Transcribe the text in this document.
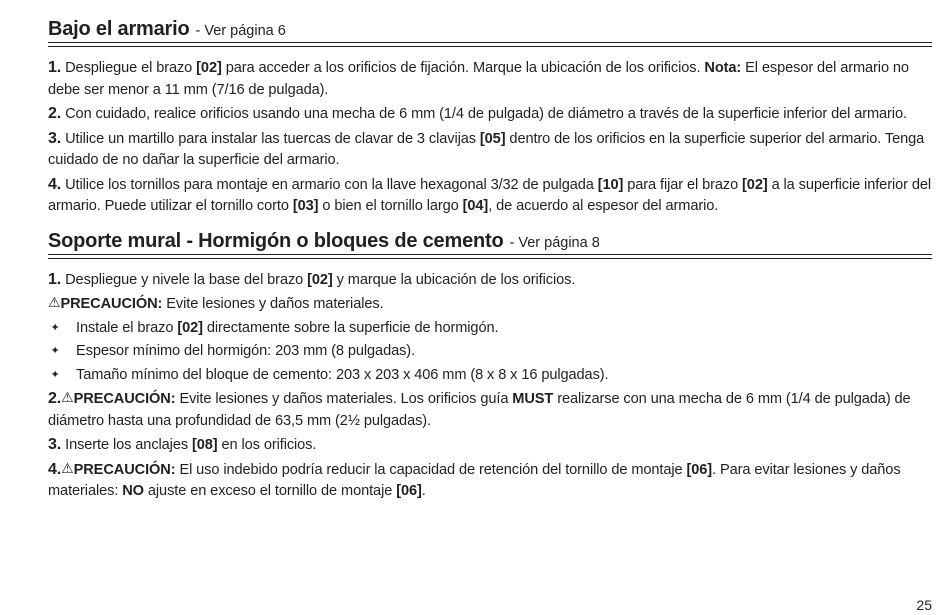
Bajo el armario - Ver página 6
1. Despliegue el brazo [02] para acceder a los orificios de fijación. Marque la ubicación de los orificios. Nota: El espesor del armario no debe ser menor a 11 mm (7/16 de pulgada).
2. Con cuidado, realice orificios usando una mecha de 6 mm (1/4 de pulgada) de diámetro a través de la superficie inferior del armario.
3. Utilice un martillo para instalar las tuercas de clavar de 3 clavijas [05] dentro de los orificios en la superficie superior del armario. Tenga cuidado de no dañar la superficie del armario.
4. Utilice los tornillos para montaje en armario con la llave hexagonal 3/32 de pulgada [10] para fijar el brazo [02] a la superficie inferior del armario. Puede utilizar el tornillo corto [03] o bien el tornillo largo [04], de acuerdo al espesor del armario.
Soporte mural - Hormigón o bloques de cemento - Ver página 8
1. Despliegue y nivele la base del brazo [02] y marque la ubicación de los orificios.
⚠PRECAUCIÓN: Evite lesiones y daños materiales.
✦ Instale el brazo [02] directamente sobre la superficie de hormigón.
✦ Espesor mínimo del hormigón: 203 mm (8 pulgadas).
✦ Tamaño mínimo del bloque de cemento: 203 x 203 x 406 mm (8 x 8 x 16 pulgadas).
2.⚠PRECAUCIÓN: Evite lesiones y daños materiales. Los orificios guía MUST realizarse con una mecha de 6 mm (1/4 de pulgada) de diámetro hasta una profundidad de 63,5 mm (2½ pulgadas).
3. Inserte los anclajes [08] en los orificios.
4.⚠PRECAUCIÓN: El uso indebido podría reducir la capacidad de retención del tornillo de montaje [06]. Para evitar lesiones y daños materiales: NO ajuste en exceso el tornillo de montaje [06].
25
